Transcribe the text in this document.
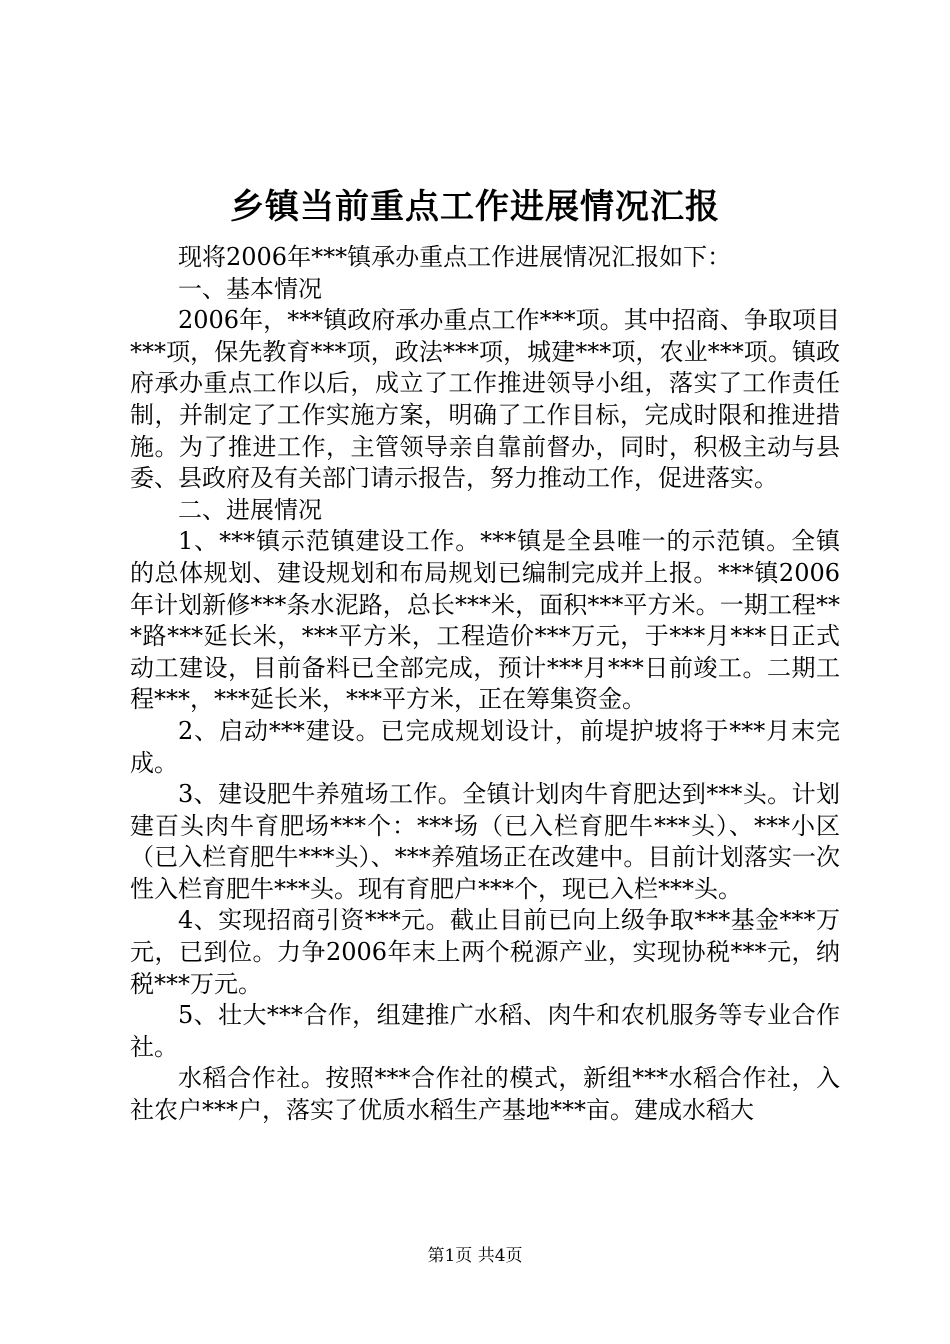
乡镇当前重点工作进展情况汇报

现将2006年***镇承办重点工作进展情况汇报如下：

一、基本情况

2006年，***镇政府承办重点工作***项。其中招商、争取项目***项，保先教育***项，政法***项，城建***项，农业***项。镇政府承办重点工作以后，成立了工作推进领导小组，落实了工作责任制，并制定了工作实施方案，明确了工作目标，完成时限和推进措施。为了推进工作，主管领导亲自靠前督办，同时，积极主动与县委、县政府及有关部门请示报告，努力推动工作，促进落实。

二、进展情况

1、***镇示范镇建设工作。***镇是全县唯一的示范镇。全镇的总体规划、建设规划和布局规划已编制完成并上报。***镇2006年计划新修***条水泥路，总长***米，面积***平方米。一期工程***路***延长米，***平方米，工程造价***万元，于***月***日正式动工建设，目前备料已全部完成，预计***月***日前竣工。二期工程***，***延长米，***平方米，正在筹集资金。

2、启动***建设。已完成规划设计，前堤护坡将于***月末完成。

3、建设肥牛养殖场工作。全镇计划肉牛育肥达到***头。计划建百头肉牛育肥场***个：***场（已入栏育肥牛***头）、***小区（已入栏育肥牛***头）、***养殖场正在改建中。目前计划落实一次性入栏育肥牛***头。现有育肥户***个，现已入栏***头。

4、实现招商引资***元。截止目前已向上级争取***基金***万元，已到位。力争2006年末上两个税源产业，实现协税***元，纳税***万元。

5、壮大***合作，组建推广水稻、肉牛和农机服务等专业合作社。

水稻合作社。按照***合作社的模式，新组***水稻合作社，入社农户***户，落实了优质水稻生产基地***亩。建成水稻大

第1页 共4页
